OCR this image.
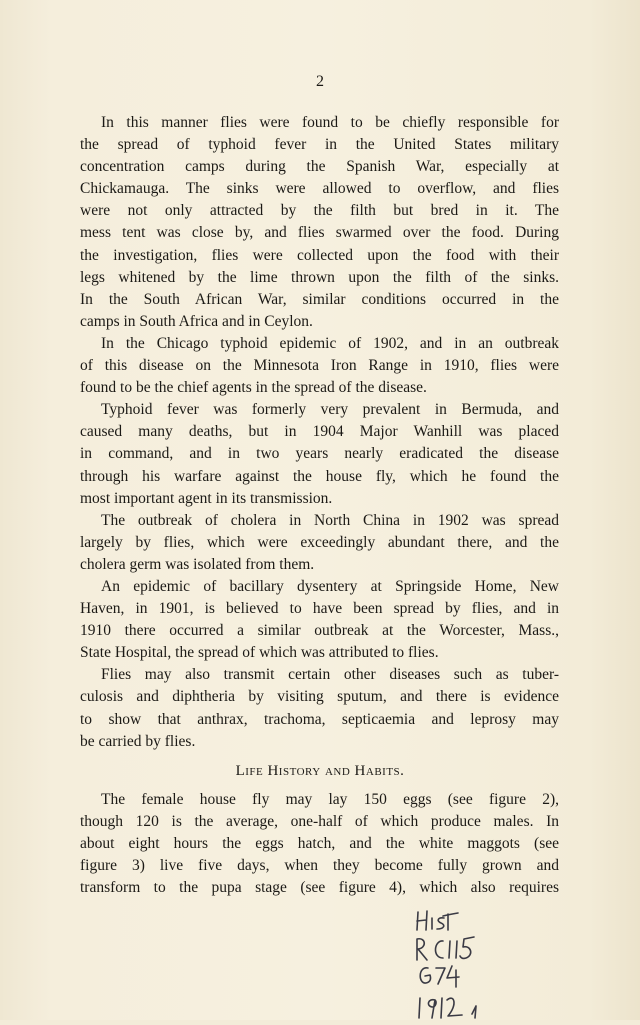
2
In this manner flies were found to be chiefly responsible for
the spread of typhoid fever in the United States military
concentration camps during the Spanish War, especially at
Chickamauga. The sinks were allowed to overflow, and flies
were not only attracted by the filth but bred in it. The
mess tent was close by, and flies swarmed over the food. During
the investigation, flies were collected upon the food with their
legs whitened by the lime thrown upon the filth of the sinks.
In the South African War, similar conditions occurred in the
camps in South Africa and in Ceylon.
In the Chicago typhoid epidemic of 1902, and in an outbreak
of this disease on the Minnesota Iron Range in 1910, flies were
found to be the chief agents in the spread of the disease.
Typhoid fever was formerly very prevalent in Bermuda, and
caused many deaths, but in 1904 Major Wanhill was placed
in command, and in two years nearly eradicated the disease
through his warfare against the house fly, which he found the
most important agent in its transmission.
The outbreak of cholera in North China in 1902 was spread
largely by flies, which were exceedingly abundant there, and the
cholera germ was isolated from them.
An epidemic of bacillary dysentery at Springside Home, New
Haven, in 1901, is believed to have been spread by flies, and in
1910 there occurred a similar outbreak at the Worcester, Mass.,
State Hospital, the spread of which was attributed to flies.
Flies may also transmit certain other diseases such as tuber-
culosis and diphtheria by visiting sputum, and there is evidence
to show that anthrax, trachoma, septicaemia and leprosy may
be carried by flies.
Life History and Habits.
The female house fly may lay 150 eggs (see figure 2),
though 120 is the average, one-half of which produce males. In
about eight hours the eggs hatch, and the white maggots (see
figure 3) live five days, when they become fully grown and
transform to the pupa stage (see figure 4), which also requires
